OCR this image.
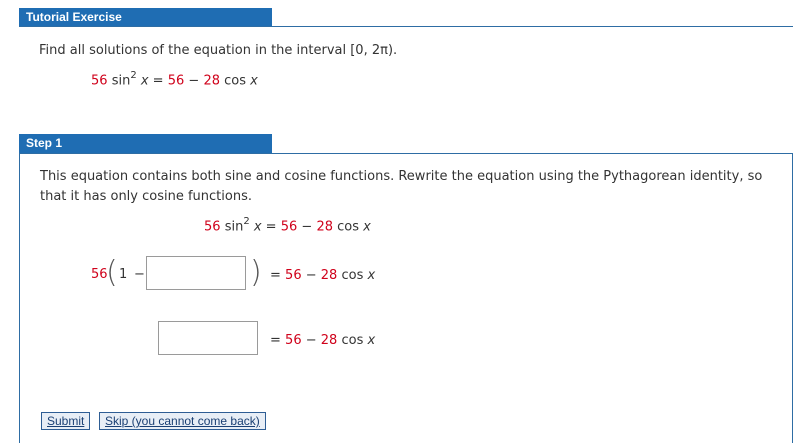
Tutorial Exercise
Find all solutions of the equation in the interval [0, 2π).
56 $\sin^2 x = 56 - 28$ cos x
Step 1
This equation contains both sine and cosine functions. Rewrite the equation using the Pythagorean identity, so
that it has only cosine functions.
56 $\sin^2 x = 56 - 28$ cos x
56
( 1 −	) = 56 − 28 cos x
= 56 − 28 cos x
Submit	Skip (you cannot come back)
